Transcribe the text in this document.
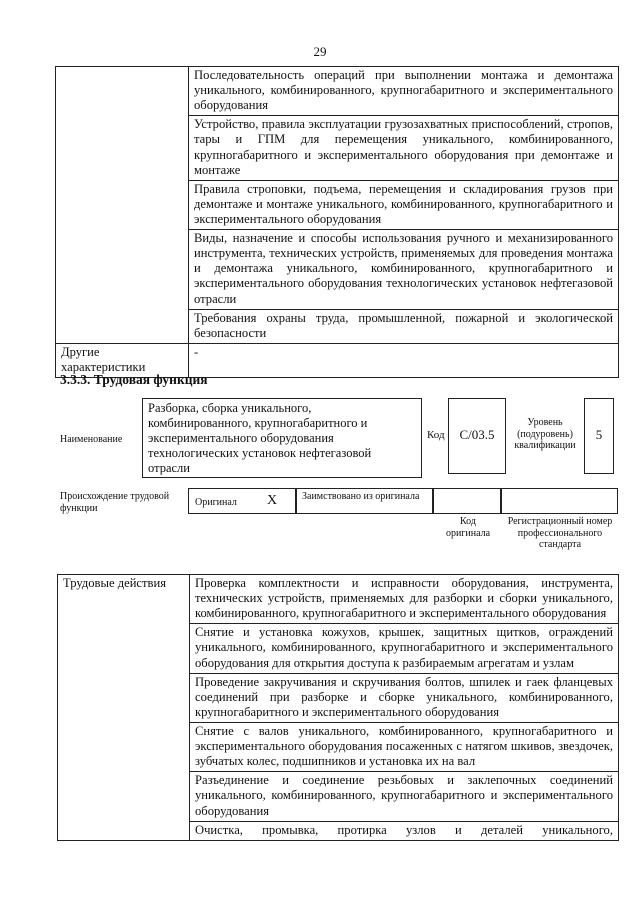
29
	Последовательность операций при выполнении монтажа и демонтажа уникального, комбинированного, крупногабаритного и экспериментального оборудования
	Устройство, правила эксплуатации грузозахватных приспособлений, стропов, тары и ГПМ для перемещения уникального, комбинированного, крупногабаритного и экспериментального оборудования при демонтаже и монтаже
	Правила строповки, подъема, перемещения и складирования грузов при демонтаже и монтаже уникального, комбинированного, крупногабаритного и экспериментального оборудования
	Виды, назначение и способы использования ручного и механизированного инструмента, технических устройств, применяемых для проведения монтажа и демонтажа уникального, комбинированного, крупногабаритного и экспериментального оборудования технологических установок нефтегазовой отрасли
	Требования охраны труда, промышленной, пожарной и экологической безопасности
Другие характеристики	-
3.3.3. Трудовая функция
Наименование
Разборка, сборка уникального, комбинированного, крупногабаритного и экспериментального оборудования технологических установок нефтегазовой отрасли
Код	C/03.5
Уровень (подуровень) квалификации
5
Происхождение трудовой функции	Оригинал X	Заимствовано из оригинала
Код оригинала
Регистрационный номер профессионального стандарта
Трудовые действия	Проверка комплектности и исправности оборудования, инструмента, технических устройств, применяемых для разборки и сборки уникального, комбинированного, крупногабаритного и экспериментального оборудования
Снятие и установка кожухов, крышек, защитных щитков, ограждений уникального, комбинированного, крупногабаритного и экспериментального оборудования для открытия доступа к разбираемым агрегатам и узлам
Проведение закручивания и скручивания болтов, шпилек и гаек фланцевых соединений при разборке и сборке уникального, комбинированного, крупногабаритного и экспериментального оборудования
Снятие с валов уникального, комбинированного, крупногабаритного и экспериментального оборудования посаженных с натягом шкивов, звездочек, зубчатых колес, подшипников и установка их на вал
Разъединение и соединение резьбовых и заклепочных соединений уникального, комбинированного, крупногабаритного и экспериментального оборудования
Очистка, промывка, протирка узлов и деталей уникального,
